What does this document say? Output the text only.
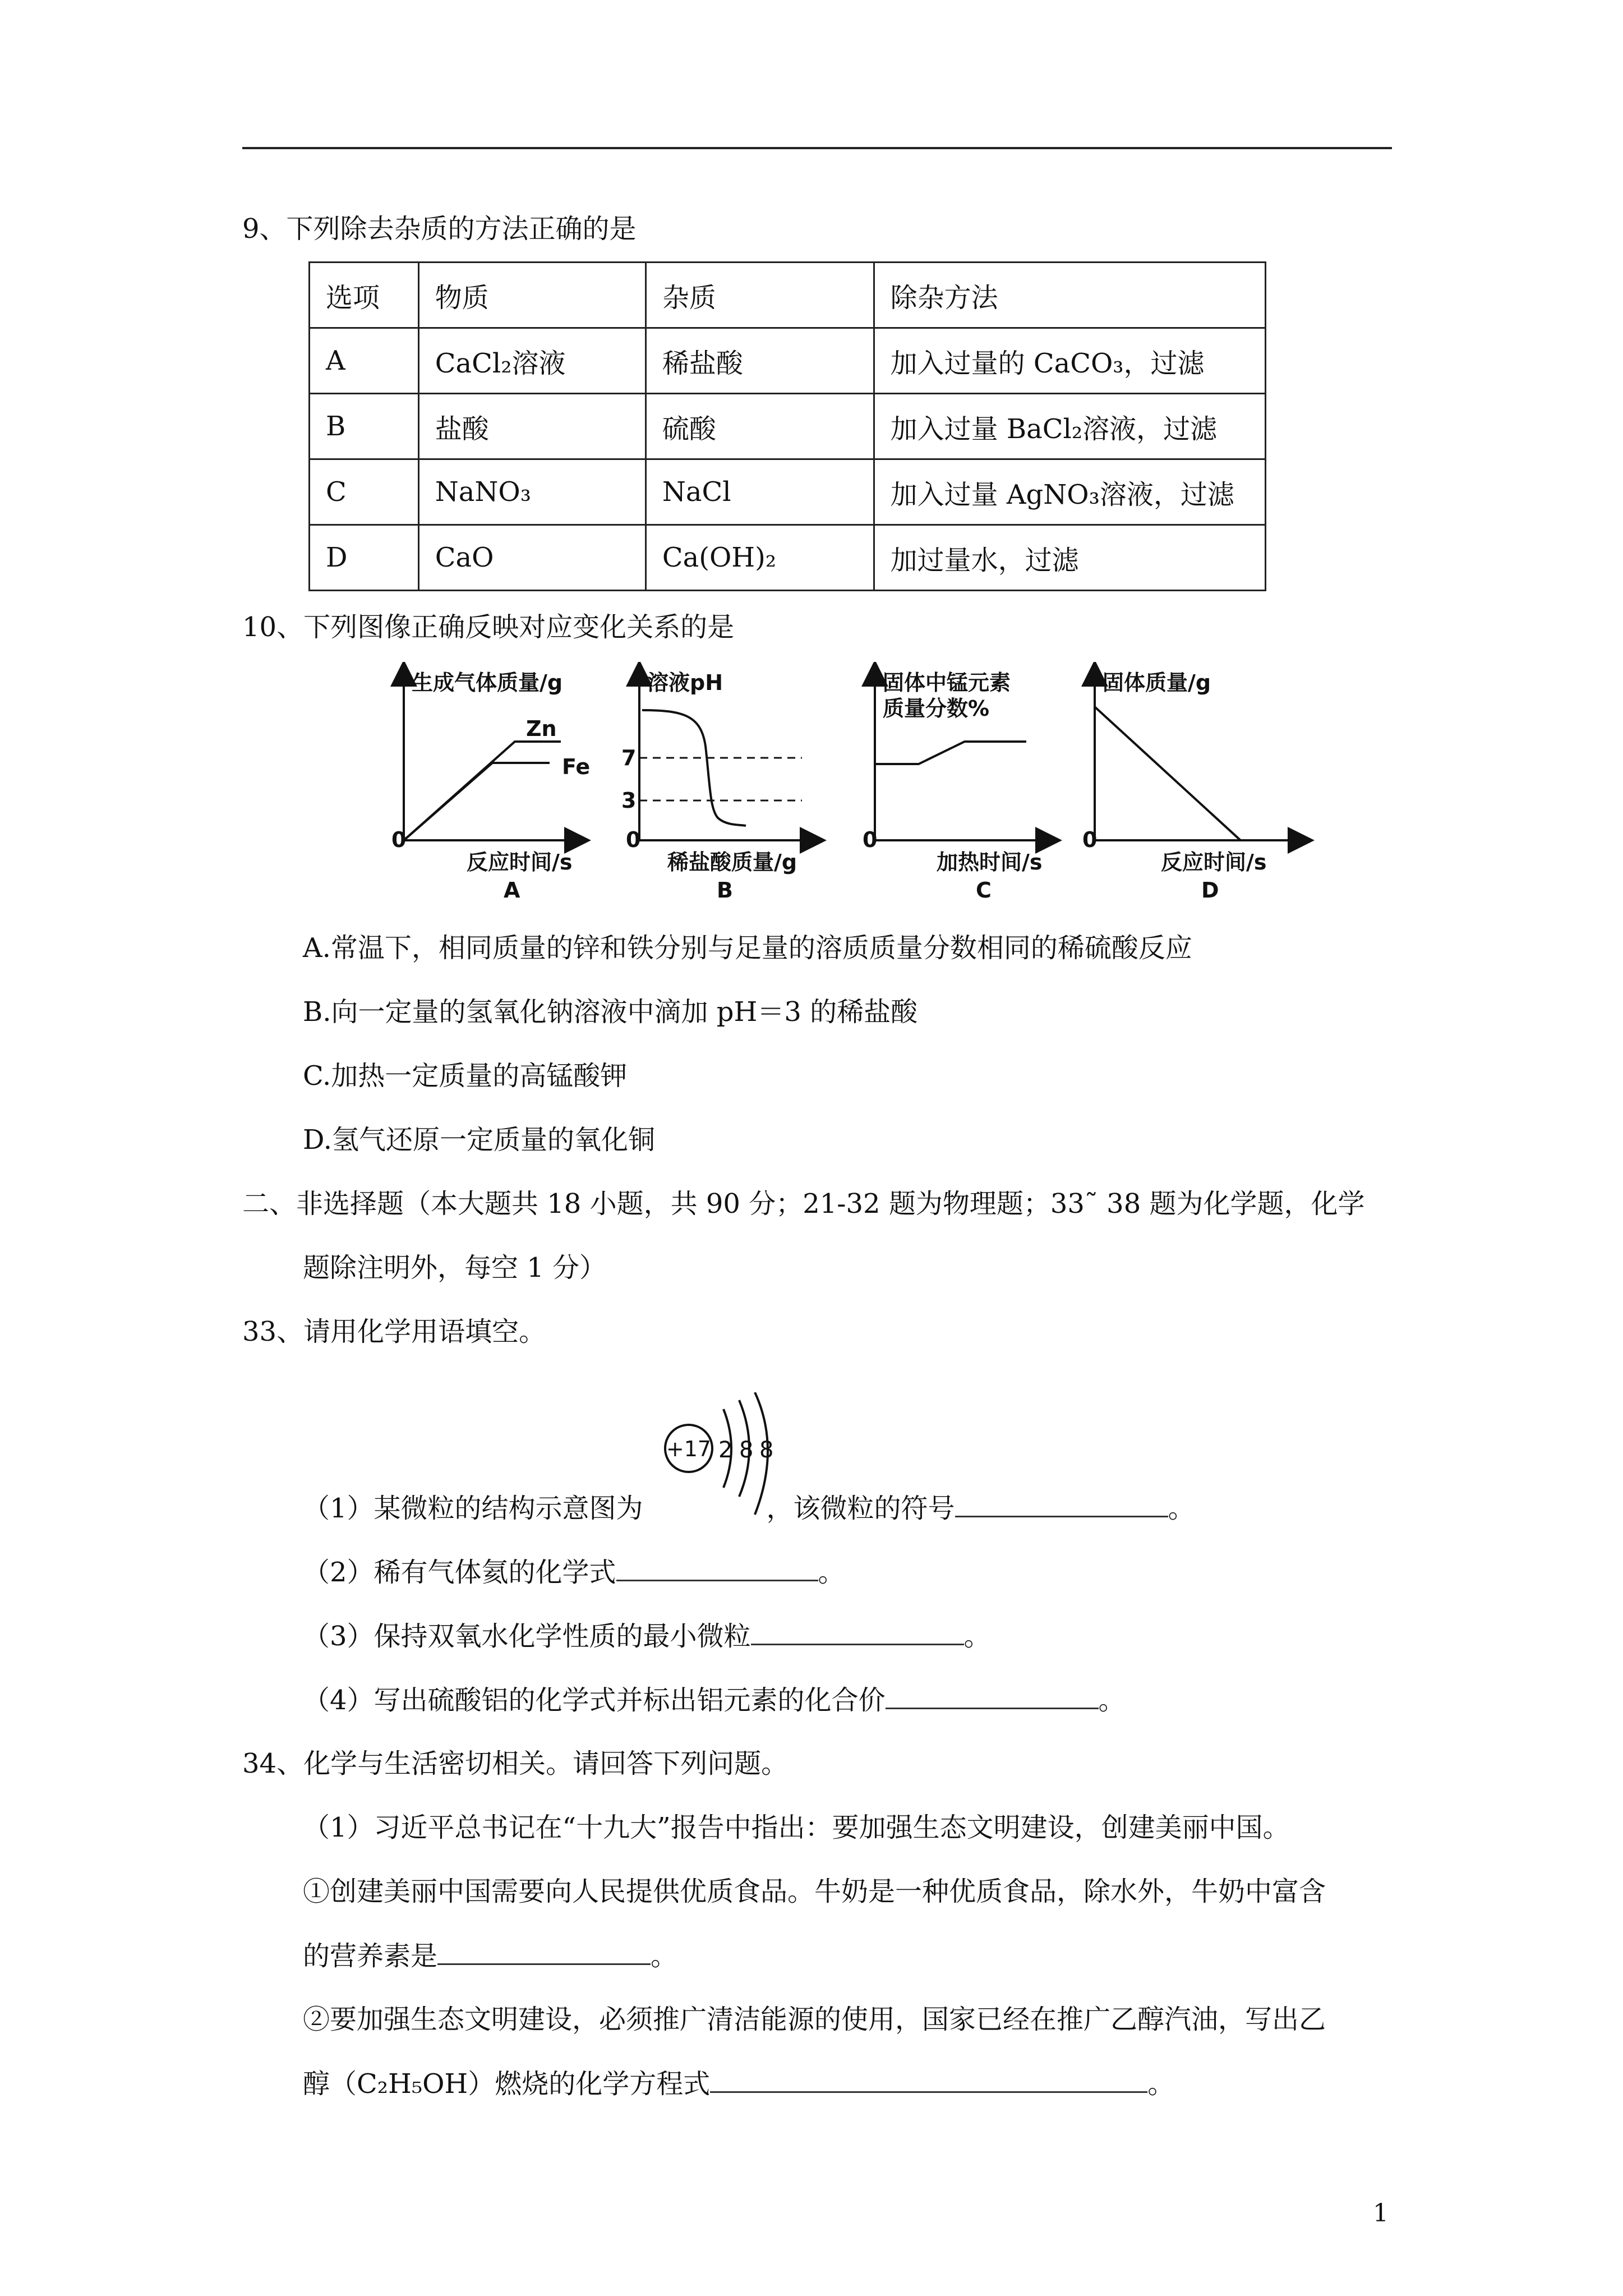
9、下列除去杂质的方法正确的是
选项	物质	杂质	除杂方法
A	CaCl₂溶液	稀盐酸	加入过量的 CaCO₃，过滤
B	盐酸	硫酸	加入过量 BaCl₂溶液，过滤
C	NaNO₃	NaCl	加入过量 AgNO₃溶液，过滤
D	CaO	Ca(OH)₂	加过量水，过滤
10、下列图像正确反映对应变化关系的是
生成气体质量/g
0
Zn
Fe
反应时间/s
A
溶液pH
0
7
3
稀盐酸质量/g
B
固体中锰元素
质量分数%
0
加热时间/s
C
固体质量/g
0
反应时间/s
D
A.常温下，相同质量的锌和铁分别与足量的溶质质量分数相同的稀硫酸反应
B.向一定量的氢氧化钠溶液中滴加 pH＝3 的稀盐酸
C.加热一定质量的高锰酸钾
D.氢气还原一定质量的氧化铜
二、非选择题（本大题共 18 小题，共 90 分；21-32 题为物理题；33˜ 38 题为化学题，化学
题除注明外，每空 1 分）
33、请用化学用语填空。
+17 2 8 8
（1）某微粒的结构示意图为	，该微粒的符号	。
（2）稀有气体氦的化学式	。
（3）保持双氧水化学性质的最小微粒	。
（4）写出硫酸铝的化学式并标出铝元素的化合价	。
34、化学与生活密切相关。请回答下列问题。
（1）习近平总书记在“十九大”报告中指出：要加强生态文明建设，创建美丽中国。
①创建美丽中国需要向人民提供优质食品。牛奶是一种优质食品，除水外，牛奶中富含
的营养素是	。
②要加强生态文明建设，必须推广清洁能源的使用，国家已经在推广乙醇汽油，写出乙
醇（C₂H₅OH）燃烧的化学方程式	。
1
